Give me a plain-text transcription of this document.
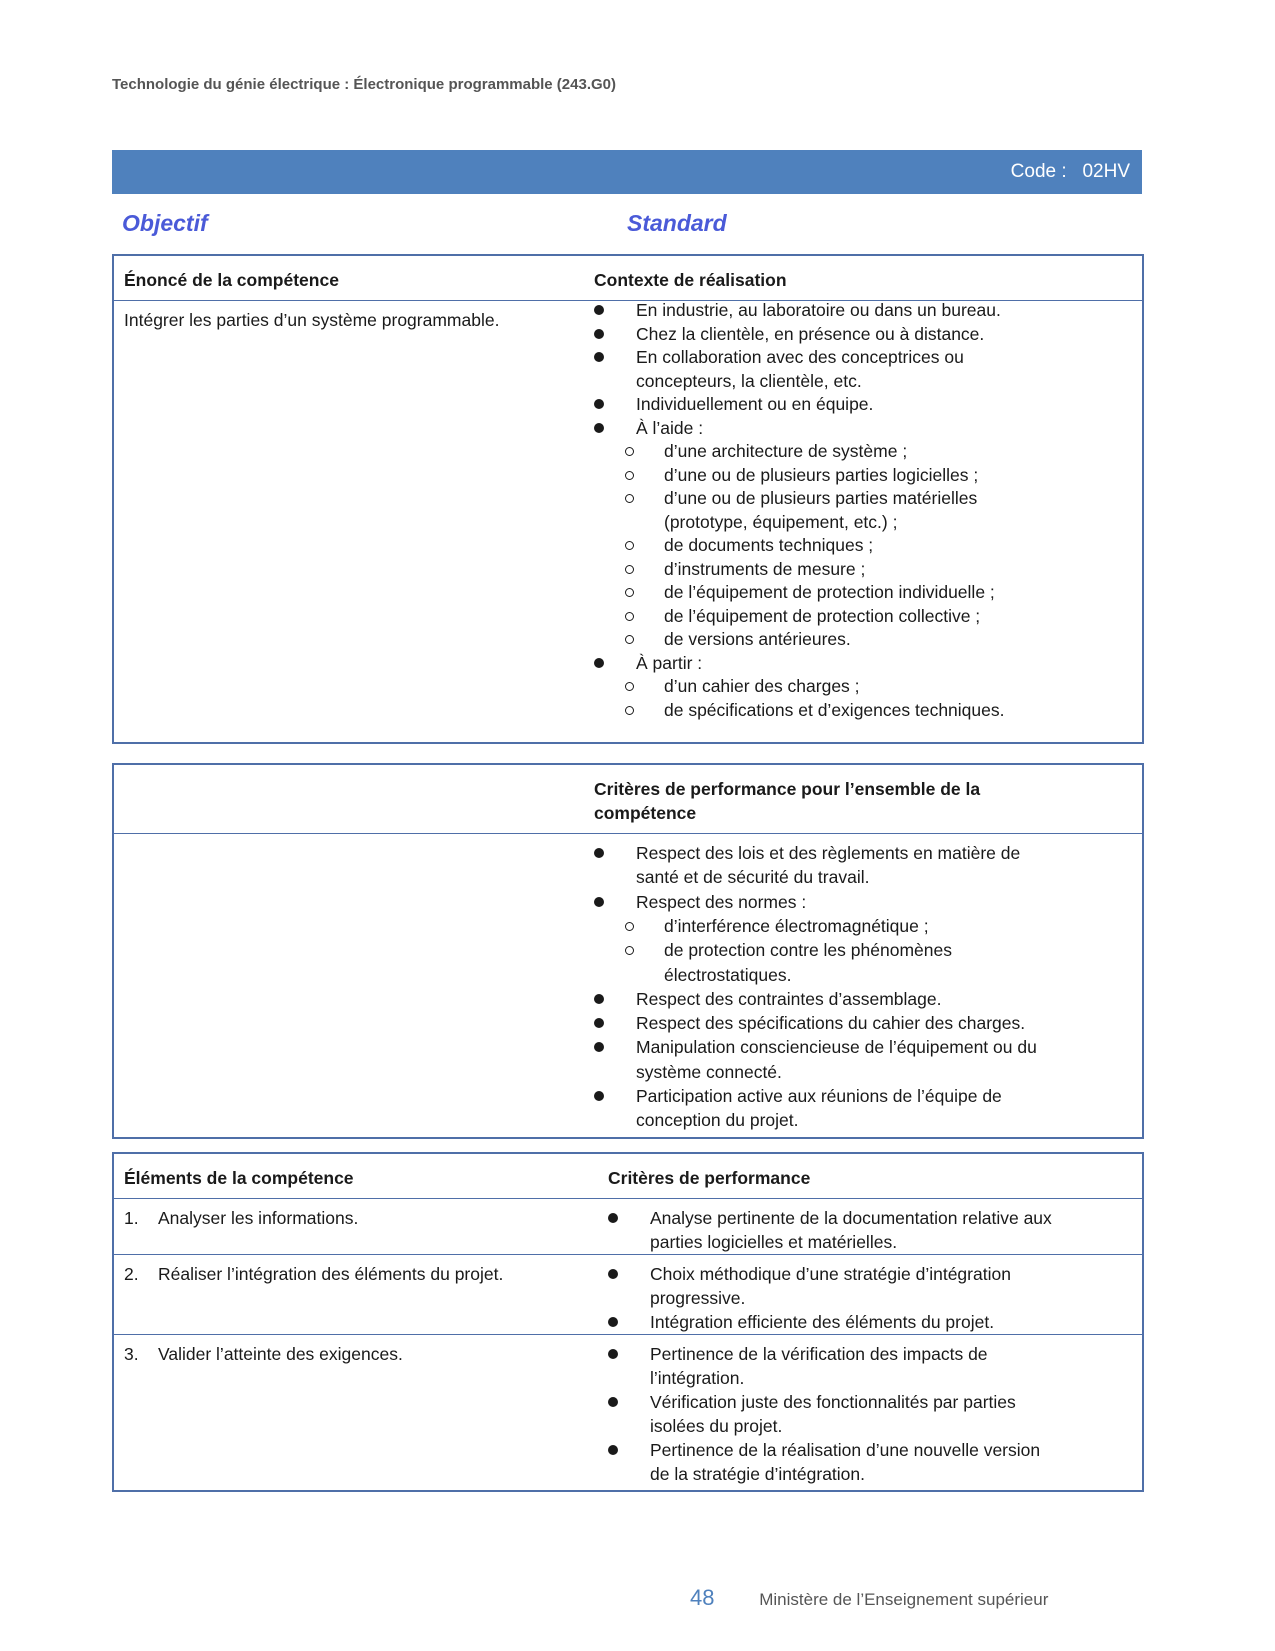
Technologie du génie électrique : Électronique programmable (243.G0)
Code :   02HV
Objectif	Standard
Énoncé de la compétence	Contexte de réalisation
Intégrer les parties d’un système programmable.	En industrie, au laboratoire ou dans un bureau.
Chez la clientèle, en présence ou à distance.
En collaboration avec des conceptrices ou
concepteurs, la clientèle, etc.
Individuellement ou en équipe.
À l’aide :
d’une architecture de système ;
d’une ou de plusieurs parties logicielles ;
d’une ou de plusieurs parties matérielles
(prototype, équipement, etc.) ;
de documents techniques ;
d’instruments de mesure ;
de l’équipement de protection individuelle ;
de l’équipement de protection collective ;
de versions antérieures.
À partir :
d’un cahier des charges ;
de spécifications et d’exigences techniques.
Critères de performance pour l’ensemble de la
compétence
Respect des lois et des règlements en matière de
santé et de sécurité du travail.
Respect des normes :
d’interférence électromagnétique ;
de protection contre les phénomènes
électrostatiques.
Respect des contraintes d’assemblage.
Respect des spécifications du cahier des charges.
Manipulation consciencieuse de l’équipement ou du
système connecté.
Participation active aux réunions de l’équipe de
conception du projet.
Éléments de la compétence	Critères de performance
1. Analyser les informations.	Analyse pertinente de la documentation relative aux
parties logicielles et matérielles.
2. Réaliser l’intégration des éléments du projet.	Choix méthodique d’une stratégie d’intégration
progressive.
Intégration efficiente des éléments du projet.
3. Valider l’atteinte des exigences.	Pertinence de la vérification des impacts de
l’intégration.
Vérification juste des fonctionnalités par parties
isolées du projet.
Pertinence de la réalisation d’une nouvelle version
de la stratégie d’intégration.
48	Ministère de l’Enseignement supérieur
